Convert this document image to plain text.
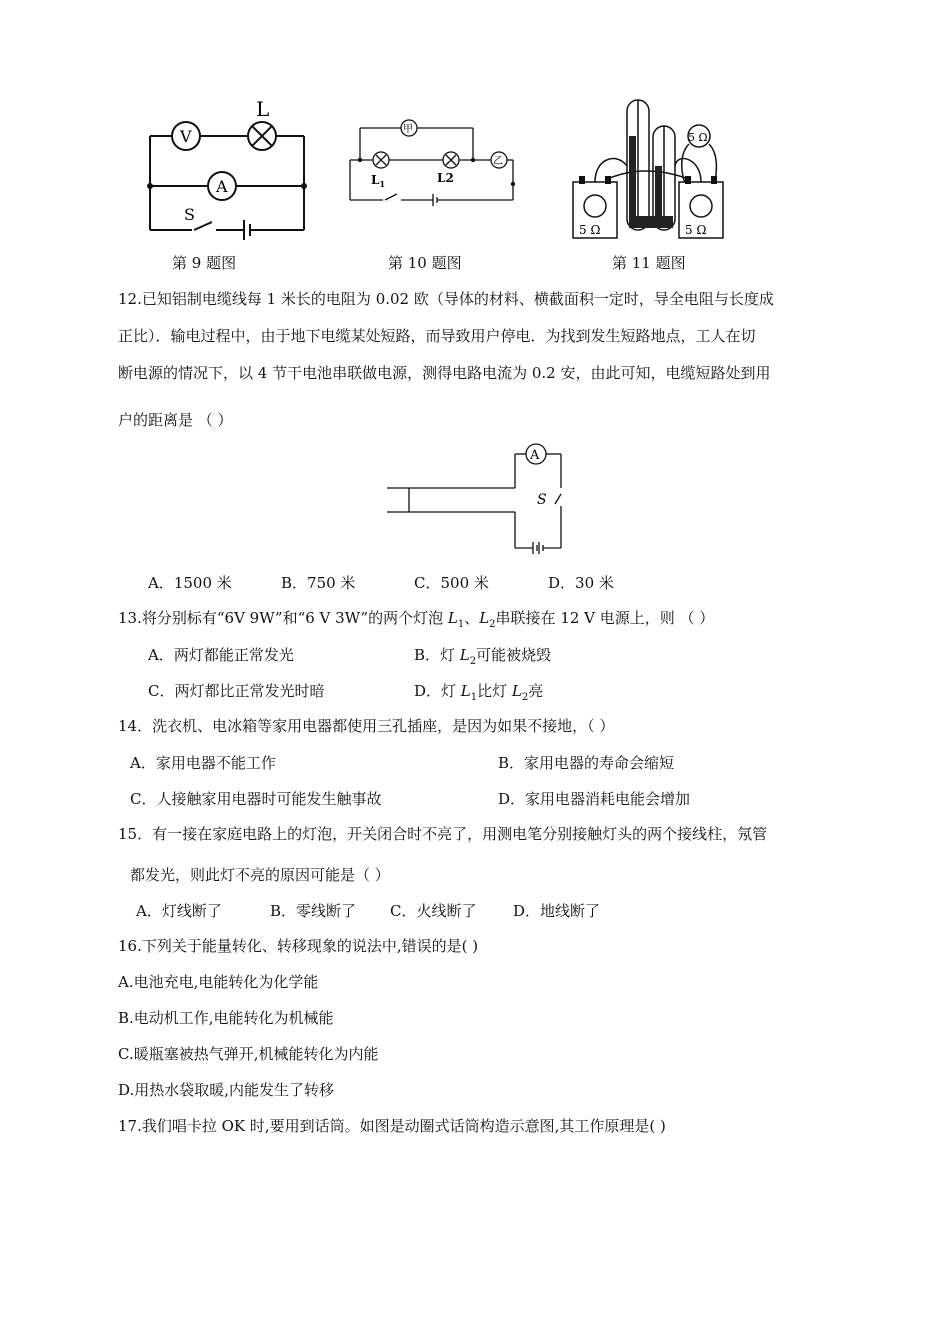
V
L
A
S
第 9 题图
甲
乙
$L_1$	L2
第 10 题图
5 Ω	5 Ω
5 Ω
第 11 题图
12.已知铝制电缆线每 1 米长的电阻为 0.02 欧（导体的材料、横截面积一定时，导全电阻与长度成
正比）．输电过程中，由于地下电缆某处短路，而导致用户停电．为找到发生短路地点，工人在切
断电源的情况下，以 4 节干电池串联做电源，测得电路电流为 0.2 安，由此可知，电缆短路处到用
户的距离是 （ ）
A
S
A．1500 米	B．750 米	C．500 米	D．30 米
13.将分别标有“6V 9W”和“6 V 3W”的两个灯泡 $L_1$、$L_2$串联接在 12 V 电源上，则 （ ）
A．两灯都能正常发光	B．灯 $L_2$可能被烧毁
C．两灯都比正常发光时暗	D．灯 $L_1$比灯 $L_2$亮
14．洗衣机、电冰箱等家用电器都使用三孔插座，是因为如果不接地，（ ）
A．家用电器不能工作	B．家用电器的寿命会缩短
C．人接触家用电器时可能发生触事故	D．家用电器消耗电能会增加
15．有一接在家庭电路上的灯泡，开关闭合时不亮了，用测电笔分别接触灯头的两个接线柱，氖管
都发光，则此灯不亮的原因可能是（ ）
A．灯线断了	B．零线断了 C．火线断了 D．地线断了
16.下列关于能量转化、转移现象的说法中,错误的是( )
A.电池充电,电能转化为化学能
B.电动机工作,电能转化为机械能
C.暖瓶塞被热气弹开,机械能转化为内能
D.用热水袋取暖,内能发生了转移
17.我们唱卡拉 OK 时,要用到话筒。如图是动圈式话筒构造示意图,其工作原理是( )
